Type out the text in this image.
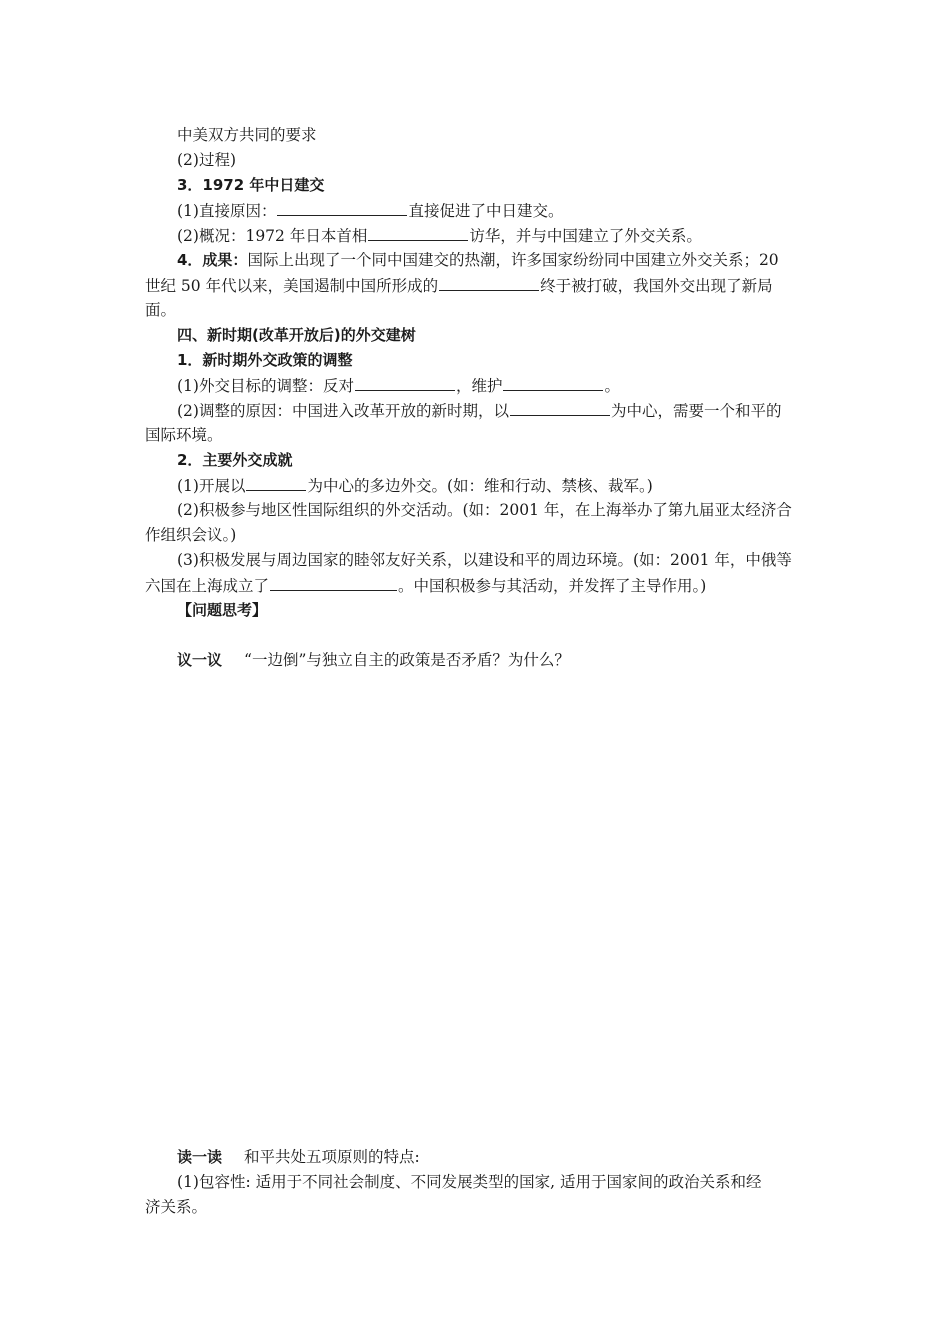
中美双方共同的要求
(2)过程)
3．1972 年中日建交
(1)直接原因：	直接促进了中日建交。
(2)概况：1972 年日本首相	访华，并与中国建立了外交关系。
4．成果：国际上出现了一个同中国建交的热潮，许多国家纷纷同中国建立外交关系；20
世纪 50 年代以来，美国遏制中国所形成的	终于被打破，我国外交出现了新局
面。
四、新时期(改革开放后)的外交建树
1．新时期外交政策的调整
(1)外交目标的调整：反对	，维护	。
(2)调整的原因：中国进入改革开放的新时期，以	为中心，需要一个和平的
国际环境。
2．主要外交成就
(1)开展以	为中心的多边外交。(如：维和行动、禁核、裁军。)
(2)积极参与地区性国际组织的外交活动。(如：2001 年，在上海举办了第九届亚太经济合
作组织会议。)
(3)积极发展与周边国家的睦邻友好关系，以建设和平的周边环境。(如：2001 年，中俄等
六国在上海成立了	。中国积极参与其活动，并发挥了主导作用。)
【问题思考】
议一议 “一边倒”与独立自主的政策是否矛盾？为什么？
读一读 和平共处五项原则的特点:
(1)包容性: 适用于不同社会制度、不同发展类型的国家, 适用于国家间的政治关系和经
济关系。
